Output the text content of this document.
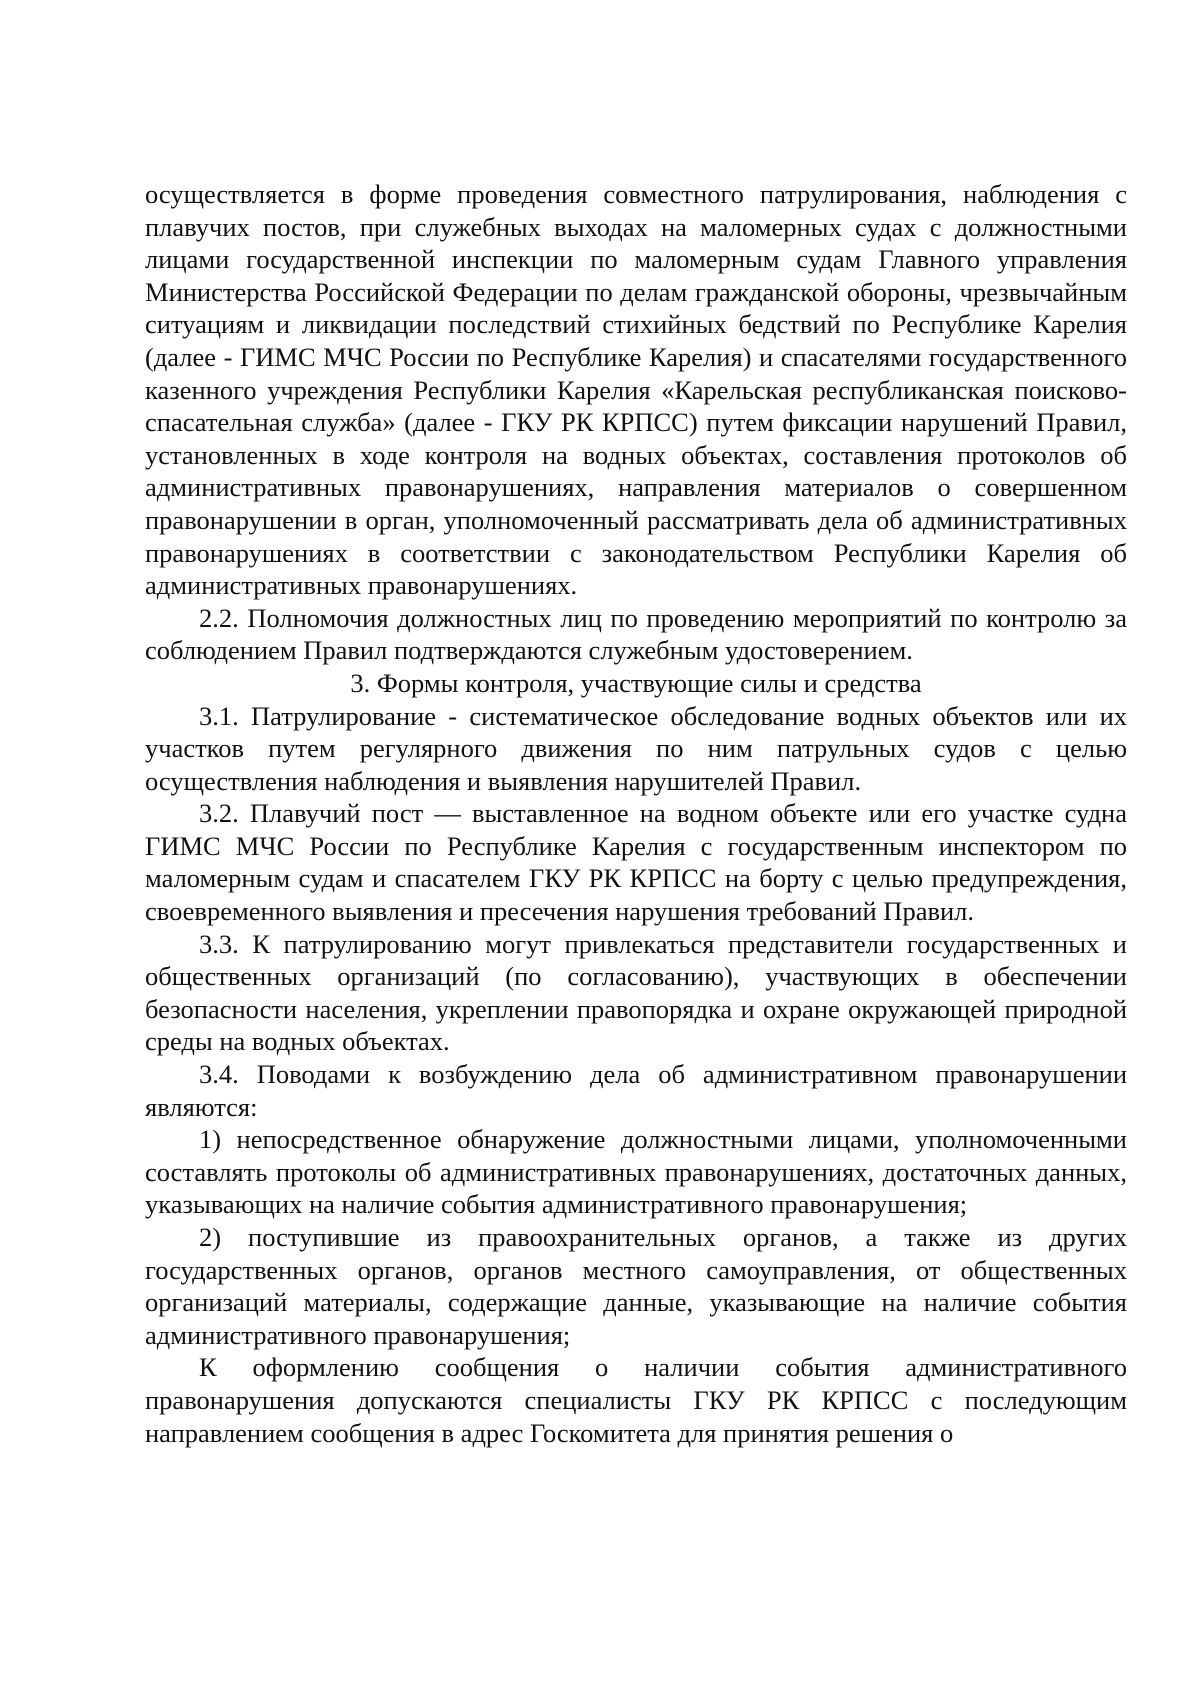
осуществляется в форме проведения совместного патрулирования, наблюдения с плавучих постов, при служебных выходах на маломерных судах с должностными лицами государственной инспекции по маломерным судам Главного управления Министерства Российской Федерации по делам гражданской обороны, чрезвычайным ситуациям и ликвидации последствий стихийных бедствий по Республике Карелия (далее - ГИМС МЧС России по Республике Карелия) и спасателями государственного казенного учреждения Республики Карелия «Карельская республиканская поисково-спасательная служба» (далее - ГКУ РК КРПСС) путем фиксации нарушений Правил, установленных в ходе контроля на водных объектах, составления протоколов об административных правонарушениях, направления материалов о совершенном правонарушении в орган, уполномоченный рассматривать дела об административных правонарушениях в соответствии с законодательством Республики Карелия об административных правонарушениях.

2.2. Полномочия должностных лиц по проведению мероприятий по контролю за соблюдением Правил подтверждаются служебным удостоверением.

3. Формы контроля, участвующие силы и средства

3.1. Патрулирование - систематическое обследование водных объектов или их участков путем регулярного движения по ним патрульных судов с целью осуществления наблюдения и выявления нарушителей Правил.

3.2. Плавучий пост — выставленное на водном объекте или его участке судна ГИМС МЧС России по Республике Карелия с государственным инспектором по маломерным судам и спасателем ГКУ РК КРПСС на борту с целью предупреждения, своевременного выявления и пресечения нарушения требований Правил.

3.3. К патрулированию могут привлекаться представители государственных и общественных организаций (по согласованию), участвующих в обеспечении безопасности населения, укреплении правопорядка и охране окружающей природной среды на водных объектах.

3.4. Поводами к возбуждению дела об административном правонарушении являются:

1) непосредственное обнаружение должностными лицами, уполномоченными составлять протоколы об административных правонарушениях, достаточных данных, указывающих на наличие события административного правонарушения;

2) поступившие из правоохранительных органов, а также из других государственных органов, органов местного самоуправления, от общественных организаций материалы, содержащие данные, указывающие на наличие события административного правонарушения;

К оформлению сообщения о наличии события административного правонарушения допускаются специалисты ГКУ РК КРПСС с последующим направлением сообщения в адрес Госкомитета для принятия решения о
